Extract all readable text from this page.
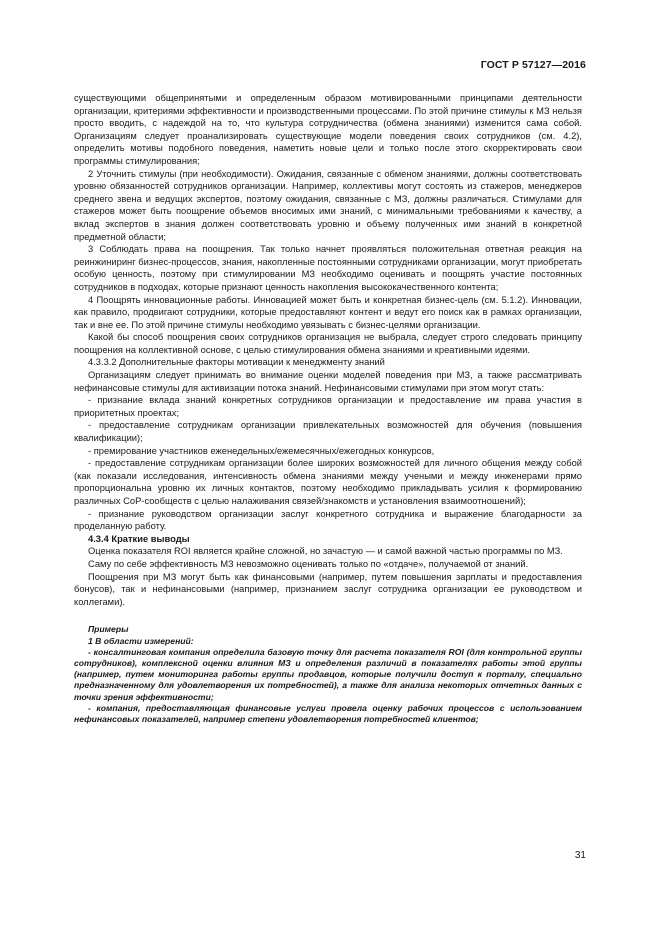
ГОСТ Р 57127—2016

существующими общепринятыми и определенным образом мотивированными принципами деятельности организации, критериями эффективности и производственными процессами. По этой причине стимулы к МЗ нельзя просто вводить, с надеждой на то, что культура сотрудничества (обмена знаниями) изменится сама собой. Организациям следует проанализировать существующие модели поведения своих сотрудников (см. 4.2), определить мотивы подобного поведения, наметить новые цели и только после этого скорректировать свои программы стимулирования;

2 Уточнить стимулы (при необходимости). Ожидания, связанные с обменом знаниями, должны соответствовать уровню обязанностей сотрудников организации. Например, коллективы могут состоять из стажеров, менеджеров среднего звена и ведущих экспертов, поэтому ожидания, связанные с МЗ, должны различаться. Стимулами для стажеров может быть поощрение объемов вносимых ими знаний, с минимальными требованиями к качеству, а вклад экспертов в знания должен соответствовать уровню и объему полученных ими знаний в конкретной предметной области;

3 Соблюдать права на поощрения. Так только начнет проявляться положительная ответная реакция на реинжиниринг бизнес-процессов, знания, накопленные постоянными сотрудниками организации, могут приобретать особую ценность, поэтому при стимулировании МЗ необходимо оценивать и поощрять участие постоянных сотрудников в подходах, которые признают ценность накопления высококачественного контента;

4 Поощрять инновационные работы. Инновацией может быть и конкретная бизнес-цель (см. 5.1.2). Инновации, как правило, продвигают сотрудники, которые предоставляют контент и ведут его поиск как в рамках организации, так и вне ее. По этой причине стимулы необходимо увязывать с бизнес-целями организации.

Какой бы способ поощрения своих сотрудников организация не выбрала, следует строго следовать принципу поощрения на коллективной основе, с целью стимулирования обмена знаниями и креативными идеями.

4.3.3.2 Дополнительные факторы мотивации к менеджменту знаний

Организациям следует принимать во внимание оценки моделей поведения при МЗ, а также рассматривать нефинансовые стимулы для активизации потока знаний. Нефинансовыми стимулами при этом могут стать:

- признание вклада знаний конкретных сотрудников организации и предоставление им права участия в приоритетных проектах;

- предоставление сотрудникам организации привлекательных возможностей для обучения (повышения квалификации);

- премирование участников еженедельных/ежемесячных/ежегодных конкурсов,

- предоставление сотрудникам организации более широких возможностей для личного общения между собой (как показали исследования, интенсивность обмена знаниями между учеными и между инженерами прямо пропорциональна уровню их личных контактов, поэтому необходимо прикладывать усилия к формированию различных CoP-сообществ с целью налаживания связей/знакомств и установления взаимоотношений);

- признание руководством организации заслуг конкретного сотрудника и выражение благодарности за проделанную работу.

4.3.4 Краткие выводы

Оценка показателя ROI является крайне сложной, но зачастую — и самой важной частью программы по МЗ.

Саму по себе эффективность МЗ невозможно оценивать только по «отдаче», получаемой от знаний.

Поощрения при МЗ могут быть как финансовыми (например, путем повышения зарплаты и предоставления бонусов), так и нефинансовыми (например, признанием заслуг сотрудника организации ее руководством и коллегами).

Примеры

1 В области измерений:

- консалтинговая компания определила базовую точку для расчета показателя ROI (для контрольной группы сотрудников), комплексной оценки влияния МЗ и определения различий в показателях работы этой группы (например, путем мониторинга работы группы продавцов, которые получили доступ к порталу, специально предназначенному для удовлетворения их потребностей), а также для анализа некоторых отчетных данных с точки зрения эффективности;

- компания, предоставляющая финансовые услуги провела оценку рабочих процессов с использованием нефинансовых показателей, например степени удовлетворения потребностей клиентов;

31
